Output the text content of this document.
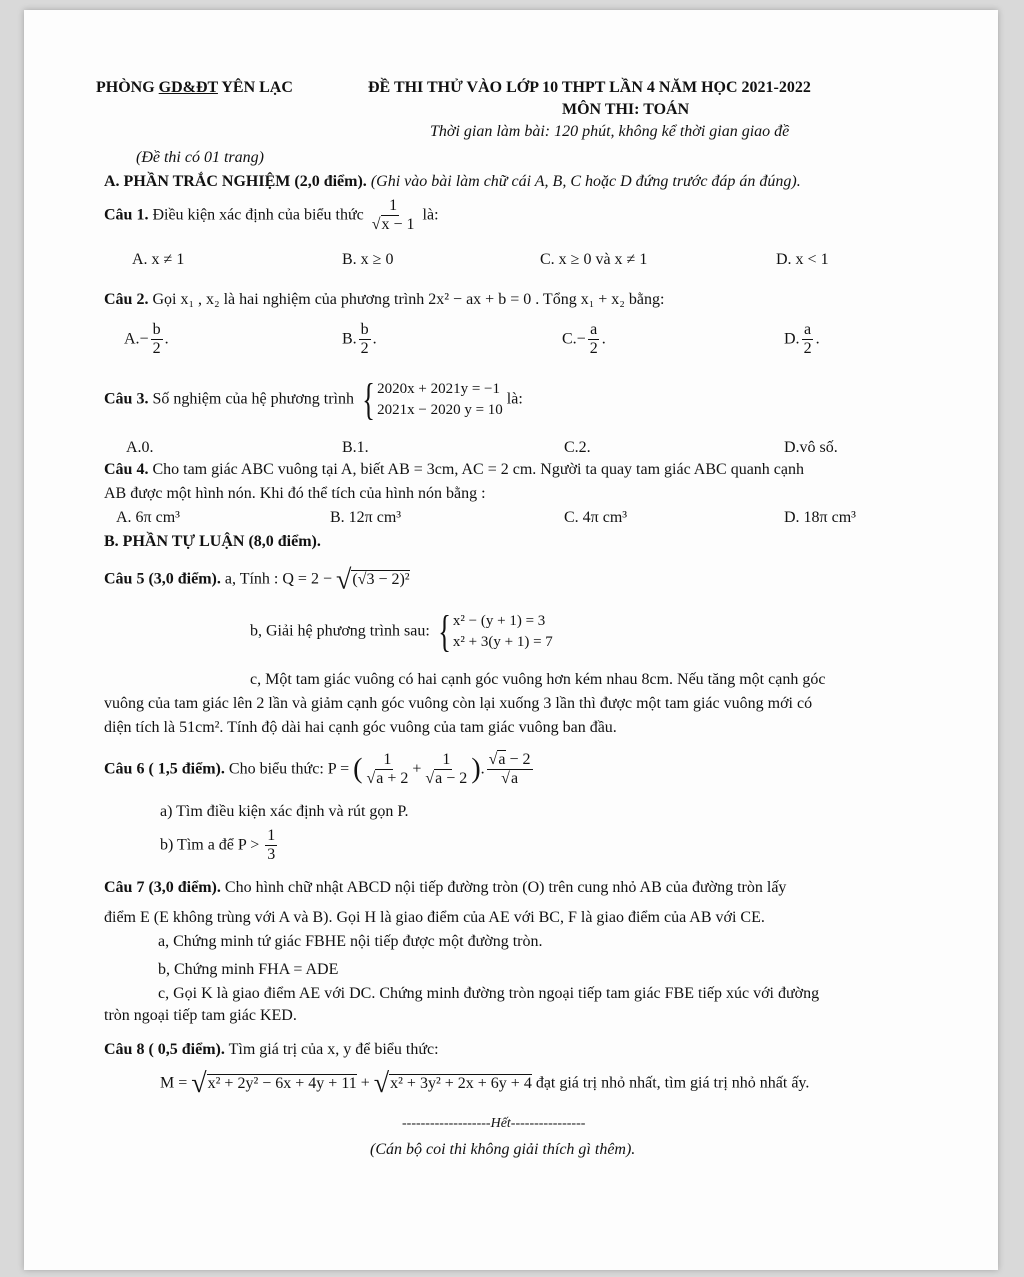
PHÒNG GD&ĐT YÊN LẠC	ĐỀ THI THỬ VÀO LỚP 10 THPT LẦN 4 NĂM HỌC 2021-2022
MÔN THI: TOÁN
Thời gian làm bài: 120 phút, không kể thời gian giao đề
(Đề thi có 01 trang)
A. PHẦN TRẮC NGHIỆM (2,0 điểm). (Ghi vào bài làm chữ cái A, B, C hoặc D đứng trước đáp án đúng).
Câu 1. Điều kiện xác định của biểu thức $\frac{1}{√x - 1}$ là:
A. x ≠ 1	B. x ≥ 0	C. x ≥ 0 và x ≠ 1	D. x < 1
Câu 2. Gọi x₁ , x₂ là hai nghiệm của phương trình 2x² − ax + b = 0 . Tổng x₁ + x₂ bằng:
$A.- \frac{b}{2}$ .	B. $\frac{b}{2}$ .	$C.- \frac{a}{2}$ .	D. $\frac{a}{2}$ .
Câu 3. Số nghiệm của hệ phương trình { 2020x + 2021y = −1
2021x − 2020 y = 10
là:
A.0.	B.1.	C.2.	D.vô số.
Câu 4. Cho tam giác ABC vuông tại A, biết AB = 3cm, AC = 2 cm. Người ta quay tam giác ABC quanh cạnh
AB được một hình nón. Khi đó thể tích của hình nón bằng :
A. 6π cm³	B. 12π cm³	C. 4π cm³	D. 18π cm³
B. PHẦN TỰ LUẬN (8,0 điểm).
Câu 5 (3,0 điểm). a, Tính : Q = 2 − √(√3 − 2)²
b, Giải hệ phương trình sau: { x² − (y + 1) = 3
x² + 3(y + 1) = 7
c, Một tam giác vuông có hai cạnh góc vuông hơn kém nhau 8cm. Nếu tăng một cạnh góc
vuông của tam giác lên 2 lần và giảm cạnh góc vuông còn lại xuống 3 lần thì được một tam giác vuông mới có
diện tích là 51cm². Tính độ dài hai cạnh góc vuông của tam giác vuông ban đầu.
Câu 6 ( 1,5 điểm). Cho biểu thức: P = ( $\frac{1}{√a + 2} + \frac{1}{√a - 2}$ ). $\frac{√a - 2}{√a}$
a) Tìm điều kiện xác định và rút gọn P.
b) Tìm a để $P > \frac{1}{3}$
Câu 7 (3,0 điểm). Cho hình chữ nhật ABCD nội tiếp đường tròn (O) trên cung nhỏ AB của đường tròn lấy
điểm E (E không trùng với A và B). Gọi H là giao điểm của AE với BC, F là giao điểm của AB với CE.
a, Chứng minh tứ giác FBHE nội tiếp được một đường tròn.
b, Chứng minh FHA = ADE
c, Gọi K là giao điểm AE với DC. Chứng minh đường tròn ngoại tiếp tam giác FBE tiếp xúc với đường
tròn ngoại tiếp tam giác KED.
Câu 8 ( 0,5 điểm). Tìm giá trị của x, y để biểu thức:
M = √x² + 2y² − 6x + 4y + 11 + √x² + 3y² + 2x + 6y + 4 đạt giá trị nhỏ nhất, tìm giá trị nhỏ nhất ấy.
-------------------Hết----------------
(Cán bộ coi thi không giải thích gì thêm).
